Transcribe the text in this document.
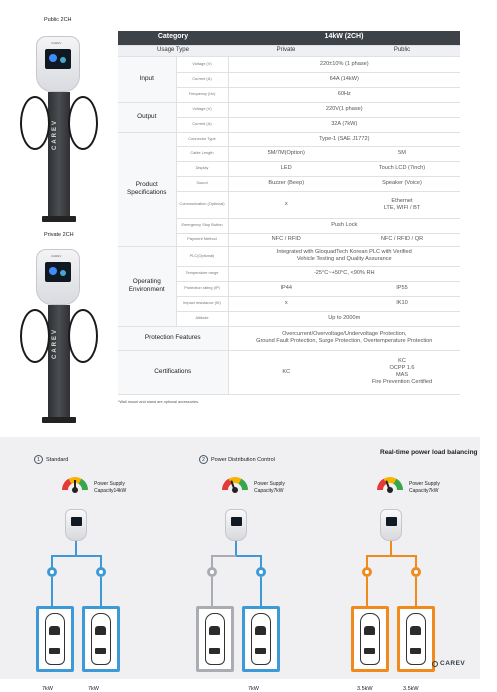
Public 2CH
CAREV
CAREV
Private 2CH
CAREV
CAREV
Category		14kW (2CH)	
Usage Type		Private	Public
Input	Voltage (V)	220±10% (1 phase)	
	Current (A)	64A (14kW)	
	Frequency (Hz)	60Hz	
Output	Voltage (V)	220V(1 phase)	
	Current (A)	32A (7kW)	
Product Specifications	Connector Type	Type-1 (SAE J1772)	
	Cable Length	5M/7M(Option)	5M
	Display	LED	Touch LCD (7inch)
	Sound	Buzzer (Beep)	Speaker (Voice)
	Communication (Optional)	x	Ethernet
LTE, WIFI / BT

	Emergency Stop Button	Push Lock	
	Payment Method	NFC / RFID	NFC / RFID / QR
Operating Environment	PLC(Optional)	Integrated with GloquadTech Korean PLC with Verified
Vehicle Testing and Quality Assurance	

	Temperature range	-25°C~+50°C, <90% RH	
	Protection rating (IP)	IP44	IP55
	Impact resistance (IK)	x	IK10
	Altitude	Up to 2000m	
Protection Features		Overcurrent/Overvoltage/Undervoltage Protection,
Ground Fault Protection, Surge Protection, Overtemperature Protection	

Certifications		KC	KC
OCPP 1.6
MAS
Fire Prevention Certified
*Wall mount and stand are optional accessories.
1	Standard	2	Power Distribution Control
Real-time power load balancing
Power Supply
Capacity14kW
7kW	7kW
Power Supply
Capacity7kW
7kW
Power Supply
Capacity7kW
3.5kW	3.5kW
CAREV
